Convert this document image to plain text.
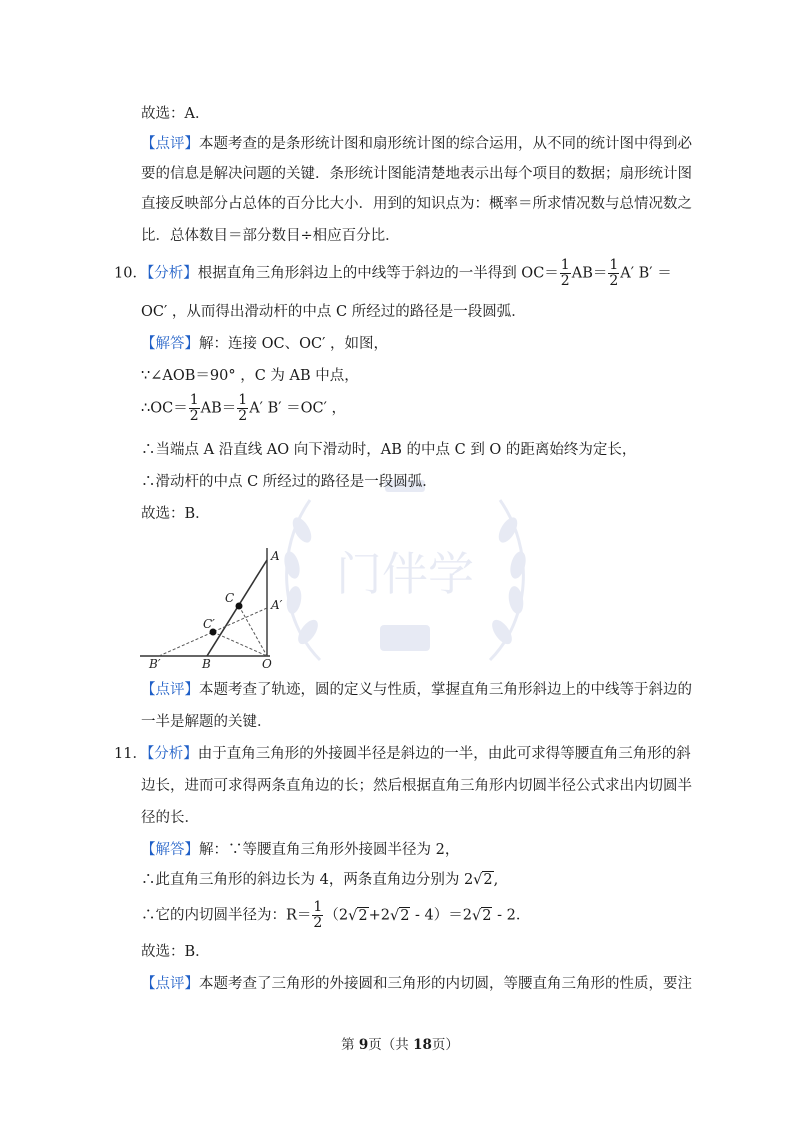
门伴学
故选：A．
【点评】本题考查的是条形统计图和扇形统计图的综合运用，从不同的统计图中得到必
要的信息是解决问题的关键．条形统计图能清楚地表示出每个项目的数据；扇形统计图
直接反映部分占总体的百分比大小．用到的知识点为：概率＝所求情况数与总情况数之
比．总体数目＝部分数目÷相应百分比．
10．【分析】根据直角三角形斜边上的中线等于斜边的一半得到 $OC= \frac{1}{2} AB= \frac{1}{2} A'$ B′ ＝
OC′ ，从而得出滑动杆的中点 C 所经过的路径是一段圆弧．
【解答】解：连接 OC、OC′ ，如图，
∵∠AOB＝90° ，C 为 AB 中点，
∴OC＝ $\frac{1}{2} AB= \frac{1}{2} A'$ B′ ＝OC′ ，
∴当端点 A 沿直线 AO 向下滑动时，AB 的中点 C 到 O 的距离始终为定长，
∴滑动杆的中点 C 所经过的路径是一段圆弧．
故选：B．
A
A′
C
C′
B
B′	O
【点评】本题考查了轨迹，圆的定义与性质，掌握直角三角形斜边上的中线等于斜边的
一半是解题的关键．
11．【分析】由于直角三角形的外接圆半径是斜边的一半，由此可求得等腰直角三角形的斜
边长，进而可求得两条直角边的长；然后根据直角三角形内切圆半径公式求出内切圆半
径的长．
【解答】解：∵等腰直角三角形外接圆半径为 2，
∴此直角三角形的斜边长为 4，两条直角边分别为 2√2,
∴它的内切圆半径为：$R= \frac{1}{2} (2√2+2√2 - 4)=2√2 - 2$．
故选：B．
【点评】本题考查了三角形的外接圆和三角形的内切圆，等腰直角三角形的性质，要注
第 9页（共 18页）
